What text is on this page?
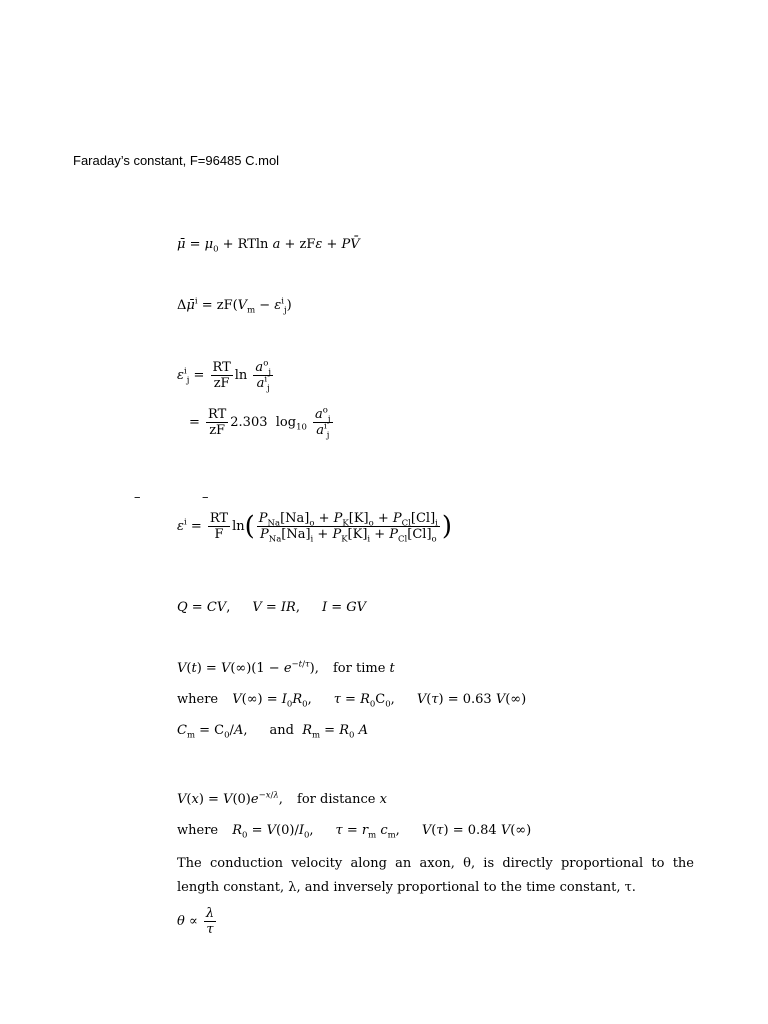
Faraday’s constant, F=96485 C.mol
μ̄ = $\mu_0 + RTln$ a + zFε + PV̄
Δμ̄$^i$ = $zF(V_m - \varepsilon^i_j)$
$\varepsilon^i_j = \frac{RT}{zF}$ $\ln \frac{a^o_j}{a^i_j}$
= $\frac{RT}{zF} 2.303$ $\log_{10} \frac{a^o_j}{a^i_j}$
–	–
$\varepsilon^i = \frac{RT}{F} \ln( \frac{P_{Na}[Na]_o + P_K[K]_o + P_{Cl}[Cl]_i}{P_{Na}[Na]_i + P_K[K]_i + P_{Cl}[Cl]_o}$ )
Q = CV, V = IR, I = GV
$V(t) = V(\infty)(1 - e^{-t/\tau})$, for time t
where $V(\infty) = I_0R_0$, $\tau = R_0C_0$, V(τ) = 0.63 V(∞)
$C_m = C_0/A$, and $R_m = R_0$ A
$V(x) = V(0)e^{-x/\lambda}$, for distance x
where $R_0 = V(0)/I_0$, $\tau = r_m$ $c_m$, V(τ) = 0.84 V(∞)
The conduction velocity along an axon, θ, is directly proportional to the length constant, λ, and inversely proportional to the time constant, τ.
$\theta \propto \frac{\lambda}{\tau}$
